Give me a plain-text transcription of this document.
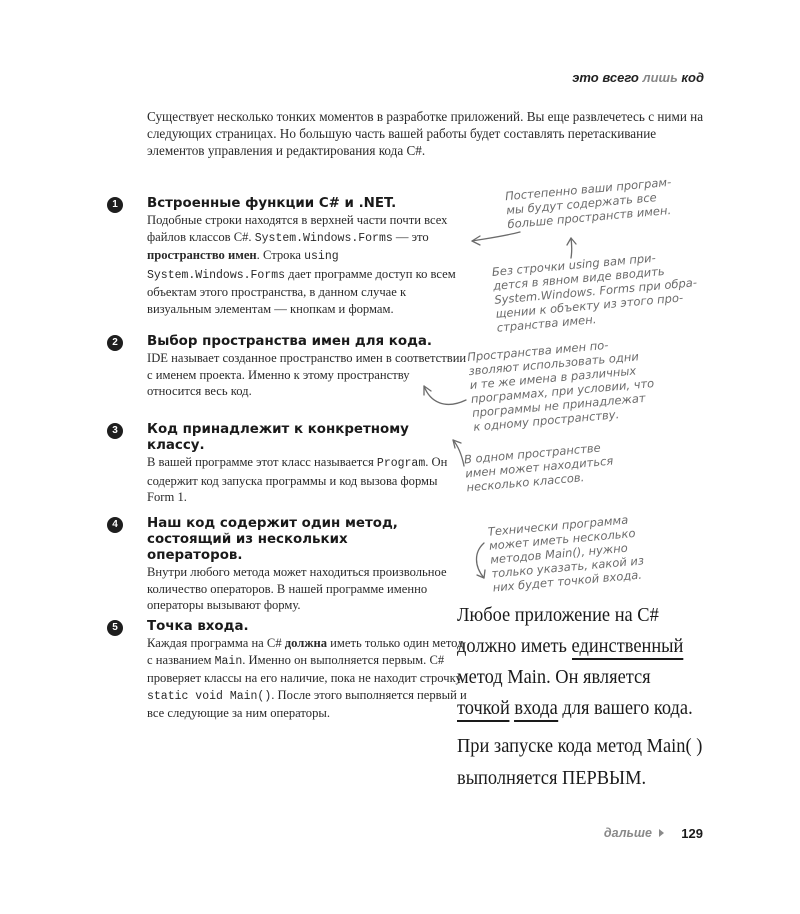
это всего лишь код
Существует несколько тонких моментов в разработке приложений. Вы еще развлечетесь с ними на следующих страницах. Но большую часть вашей работы будет составлять перетаскивание элементов управления и редактирования кода C#.
1	Встроенные функции C# и .NET.
Подобные строки находятся в верхней части почти всех файлов классов C#. System.Windows.Forms — это пространство имен. Строка using System.Windows.Forms дает программе доступ ко всем объектам этого пространства, в данном случае к визуальным элементам — кнопкам и формам.
2	Выбор пространства имен для кода.
IDE называет созданное пространство имен в соответствии с именем проекта. Именно к этому пространству относится весь код.
3	Код принадлежит к конкретному классу.
В вашей программе этот класс называется Program. Он содержит код запуска программы и код вызова формы Form 1.
4	Наш код содержит один метод, состоящий из нескольких операторов.
Внутри любого метода может находиться произвольное количество операторов. В нашей программе именно операторы вызывают форму.
5	Точка входа.
Каждая программа на C# должна иметь только один метод с названием Main. Именно он выполняется первым. C# проверяет классы на его наличие, пока не находит строчку static void Main(). После этого выполняется первый и все следующие за ним операторы.
Постепенно ваши програм-
мы будут содержать все
больше пространств имен.
Без строчки using вам при-
дется в явном виде вводить
System.Windows. Forms при обра-
щении к объекту из этого про-
странства имен.
Пространства имен по-
зволяют использовать одни
и те же имена в различных
программах, при условии, что
программы не принадлежат
к одному пространству.
В одном пространстве
имен может находиться
несколько классов.
Технически программа
может иметь несколько
методов Main(), нужно
только указать, какой из
них будет точкой входа.
Любое приложение на C#
должно иметь единственный
метод Main. Он является
точкой входа для вашего кода.
При запуске кода метод Main( )
выполняется ПЕРВЫМ.
дальше 129
